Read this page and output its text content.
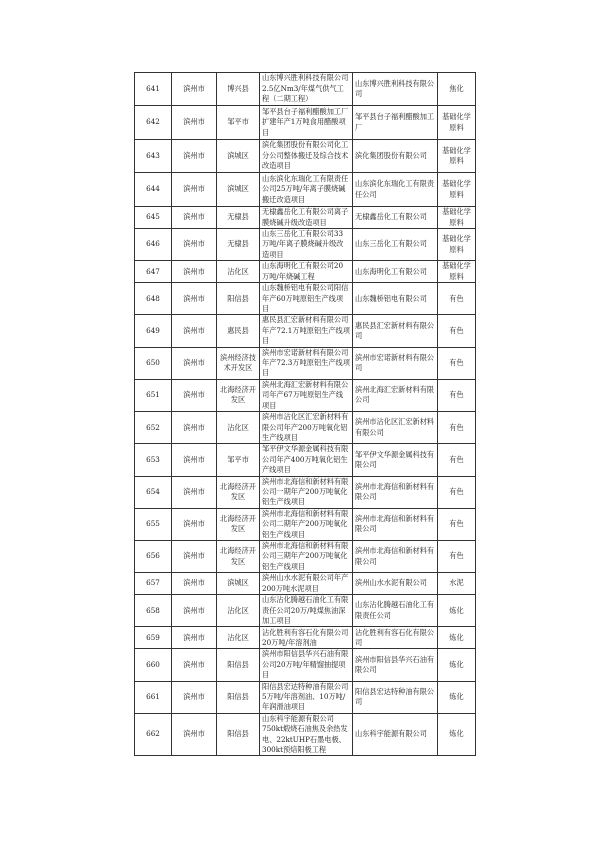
641	滨州市	博兴县	山东博兴胜利科技有限公司2.5亿Nm3/年煤气供气工程（二期工程）	山东博兴胜利科技有限公司	焦化
642	滨州市	邹平市	邹平县台子福利醋酸加工厂扩建年产1万吨食用醋酸项目	邹平县台子福利醋酸加工厂	基础化学原料
643	滨州市	滨城区	滨化集团股份有限公司化工分公司整体搬迁及综合技术改造项目	滨化集团股份有限公司	基础化学原料
644	滨州市	滨城区	山东滨化东瑞化工有限责任公司25万吨/年离子膜烧碱搬迁改造项目	山东滨化东瑞化工有限责任公司	基础化学原料
645	滨州市	无棣县	无棣鑫岳化工有限公司离子膜烧碱升级改造项目	无棣鑫岳化工有限公司	基础化学原料
646	滨州市	无棣县	山东三岳化工有限公司33万吨/年离子膜烧碱升级改造项目	山东三岳化工有限公司	基础化学原料
647	滨州市	沾化区	山东海明化工有限公司20万吨/年烧碱工程	山东海明化工有限公司	基础化学原料
648	滨州市	阳信县	山东魏桥铝电有限公司阳信年产60万吨原铝生产线项目	山东魏桥铝电有限公司	有色
649	滨州市	惠民县	惠民县汇宏新材料有限公司年产72.1万吨原铝生产线项目	惠民县汇宏新材料有限公司	有色
650	滨州市	滨州经济技术开发区	滨州市宏诺新材料有限公司年产72.3万吨原铝生产线项目	滨州市宏诺新材料有限公司	有色
651	滨州市	北海经济开发区	滨州北海汇宏新材料有限公司年产67万吨原铝生产线项目	滨州北海汇宏新材料有限公司	有色
652	滨州市	沾化区	滨州市沾化区汇宏新材料有限公司年产200万吨氧化铝生产线项目	滨州市沾化区汇宏新材料有限公司	有色
653	滨州市	邹平市	邹平伊文华源金属科技有限公司年产400万吨氧化铝生产线项目	邹平伊文华源金属科技有限公司	有色
654	滨州市	北海经济开发区	滨州市北海信和新材料有限公司一期年产200万吨氧化铝生产线项目	滨州市北海信和新材料有限公司	有色
655	滨州市	北海经济开发区	滨州市北海信和新材料有限公司二期年产200万吨氧化铝生产线项目	滨州市北海信和新材料有限公司	有色
656	滨州市	北海经济开发区	滨州市北海信和新材料有限公司三期年产200万吨氧化铝生产线项目	滨州市北海信和新材料有限公司	有色
657	滨州市	滨城区	滨州山水水泥有限公司年产200万吨水泥项目	滨州山水水泥有限公司	水泥
658	滨州市	沾化区	山东沾化腾越石油化工有限责任公司20万/吨煤焦油深加工项目	山东沾化腾越石油化工有限责任公司	炼化
659	滨州市	沾化区	沾化胜利有容石化有限公司20万吨/年溶剂油	沾化胜利有容石化有限公司	炼化
660	滨州市	阳信县	滨州市阳信县华兴石油有限公司20万吨/年精馏抽提项目	滨州市阳信县华兴石油有限公司	炼化
661	滨州市	阳信县	阳信县宏达特种油有限公司5万吨/年溶剂油、10万吨/年润滑油项目	阳信县宏达特种油有限公司	炼化
662	滨州市	阳信县	山东科宇能源有限公司750kt煅烧石油焦及余热发电、22ktUHP石墨电极、300kt预焙阳极工程	山东科宇能源有限公司	炼化
